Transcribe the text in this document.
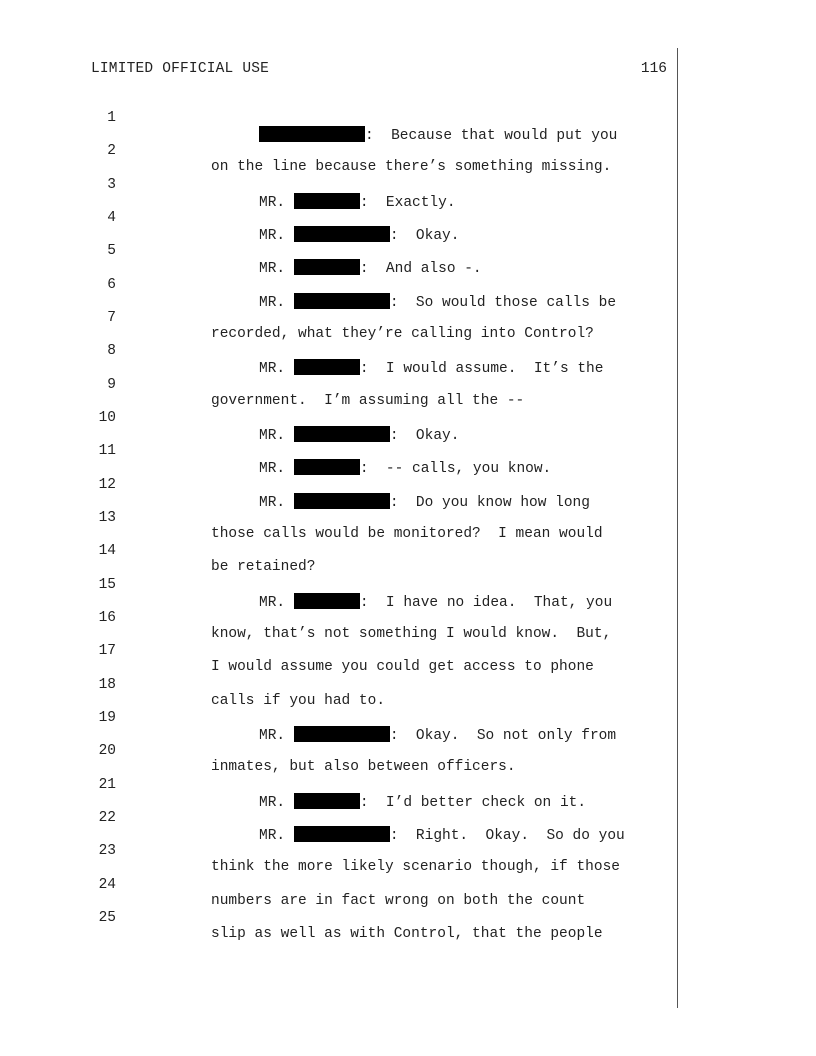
LIMITED OFFICIAL USE	116

1

:  Because that would put you

2

on the line because there’s something missing.

3

MR.	:  Exactly.

4

MR.	:  Okay.

5

MR.	:  And also -.

6

MR.	:  So would those calls be

7

recorded, what they’re calling into Control?

8

MR.	:  I would assume.  It’s the

9

government.  I’m assuming all the --

10

MR.	:  Okay.

11

MR.	:  -- calls, you know.

12

MR.	:  Do you know how long

13

those calls would be monitored?  I mean would

14

be retained?

15

MR.	:  I have no idea.  That, you

16

know, that’s not something I would know.  But,

17

I would assume you could get access to phone

18

calls if you had to.

19

MR.	:  Okay.  So not only from

20

inmates, but also between officers.

21

MR.	:  I’d better check on it.

22

MR.	:  Right.  Okay.  So do you

23

think the more likely scenario though, if those

24

numbers are in fact wrong on both the count

25

slip as well as with Control, that the people
